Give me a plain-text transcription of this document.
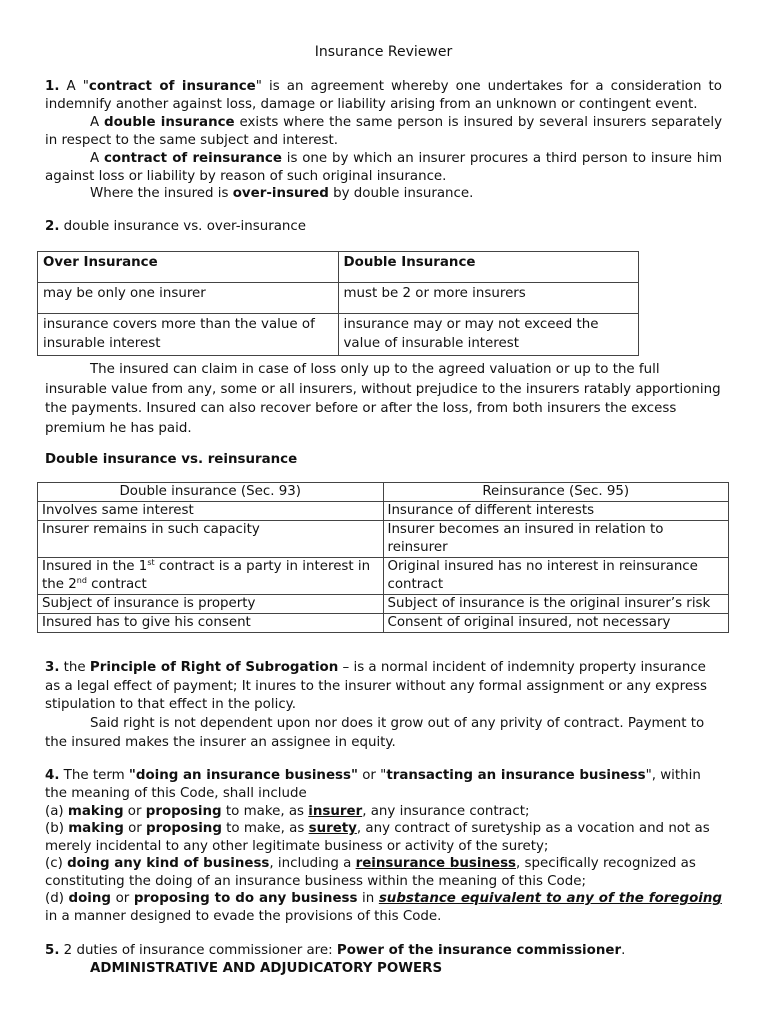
Insurance Reviewer

1. A "contract of insurance" is an agreement whereby one undertakes for a consideration to indemnify another against loss, damage or liability arising from an unknown or contingent event.

A double insurance exists where the same person is insured by several insurers separately in respect to the same subject and interest.

A contract of reinsurance is one by which an insurer procures a third person to insure him against loss or liability by reason of such original insurance.

Where the insured is over-insured by double insurance.

2. double insurance vs. over-insurance

Over Insurance	Double Insurance
may be only one insurer	must be 2 or more insurers
insurance covers more than the value of insurable interest	insurance may or may not exceed the value of insurable interest

The insured can claim in case of loss only up to the agreed valuation or up to the full insurable value from any, some or all insurers, without prejudice to the insurers ratably apportioning the payments. Insured can also recover before or after the loss, from both insurers the excess premium he has paid.

Double insurance vs. reinsurance

Double insurance (Sec. 93)	Reinsurance (Sec. 95)
Involves same interest	Insurance of different interests
Insurer remains in such capacity	Insurer becomes an insured in relation to reinsurer
Insured in the 1st contract is a party in interest in the 2nd contract	Original insured has no interest in reinsurance contract
Subject of insurance is property	Subject of insurance is the original insurer’s risk
Insured has to give his consent	Consent of original insured, not necessary

3. the Principle of Right of Subrogation – is a normal incident of indemnity property insurance as a legal effect of payment; It inures to the insurer without any formal assignment or any express stipulation to that effect in the policy.

Said right is not dependent upon nor does it grow out of any privity of contract. Payment to the insured makes the insurer an assignee in equity.

4. The term "doing an insurance business" or "transacting an insurance business", within the meaning of this Code, shall include

(a) making or proposing to make, as insurer, any insurance contract;

(b) making or proposing to make, as surety, any contract of suretyship as a vocation and not as merely incidental to any other legitimate business or activity of the surety;

(c) doing any kind of business, including a reinsurance business, specifically recognized as constituting the doing of an insurance business within the meaning of this Code;

(d) doing or proposing to do any business in substance equivalent to any of the foregoing in a manner designed to evade the provisions of this Code.

5. 2 duties of insurance commissioner are: Power of the insurance commissioner.

ADMINISTRATIVE AND ADJUDICATORY POWERS
